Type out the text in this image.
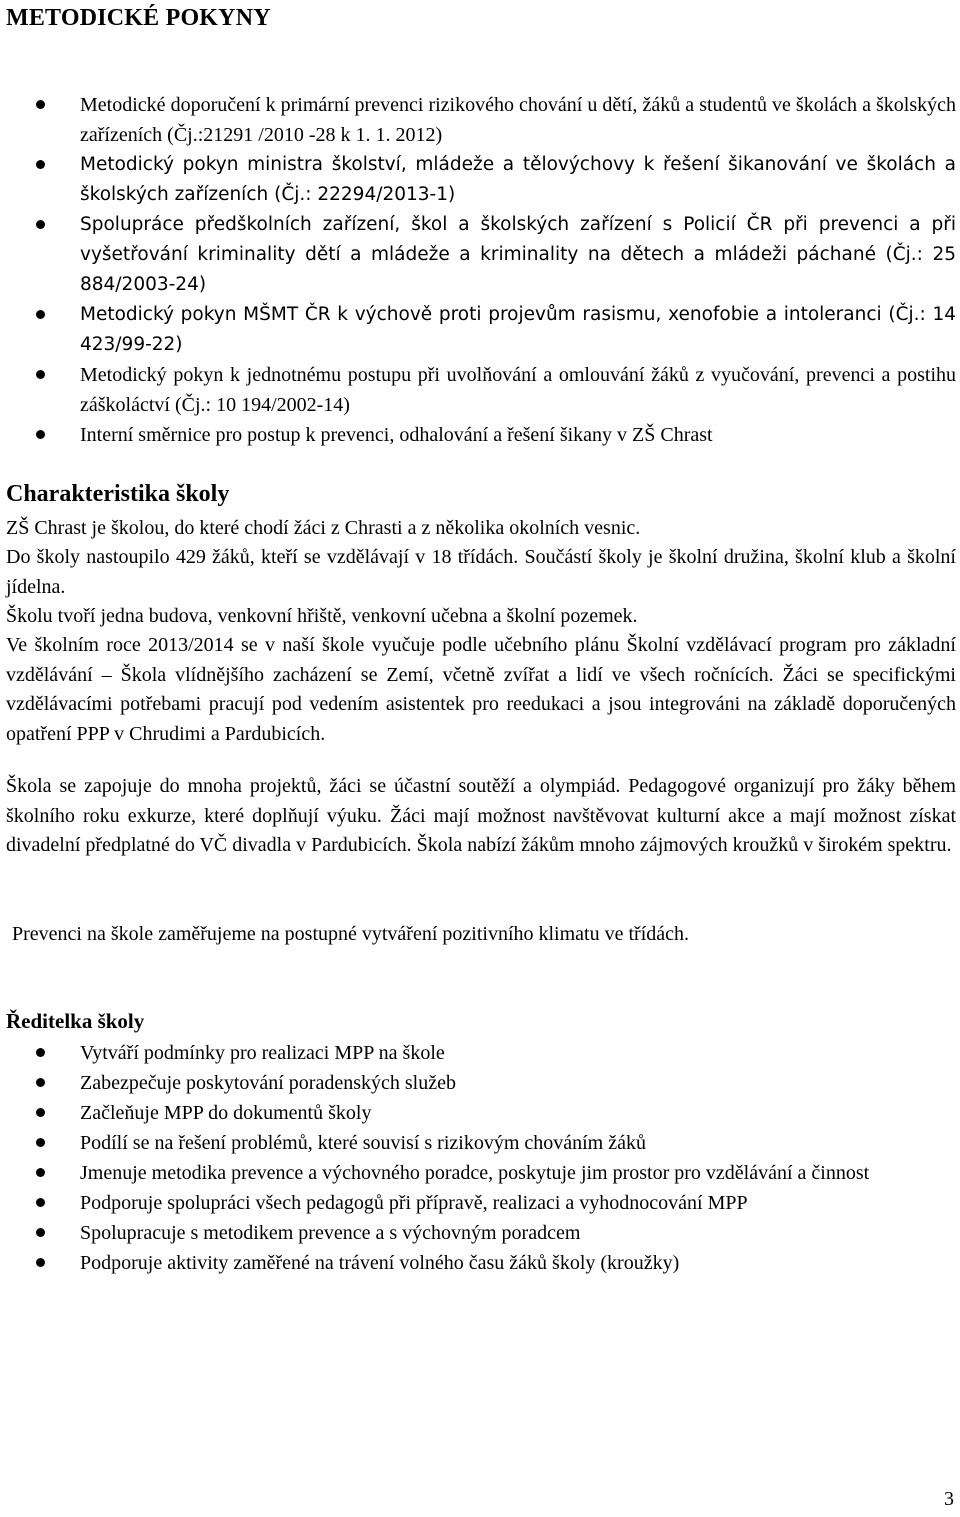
METODICKÉ POKYNY
Metodické doporučení k primární prevenci rizikového chování u dětí, žáků a studentů ve školách a školských zařízeních (Čj.:21291 /2010 -28 k 1. 1. 2012)
Metodický pokyn ministra školství, mládeže a tělovýchovy k řešení šikanování ve školách a školských zařízeních (Čj.: 22294/2013-1)
Spolupráce předškolních zařízení, škol a školských zařízení s Policií ČR při prevenci a při vyšetřování kriminality dětí a mládeže a kriminality na dětech a mládeži páchané (Čj.: 25 884/2003-24)
Metodický pokyn MŠMT ČR k výchově proti projevům rasismu, xenofobie a intoleranci (Čj.: 14 423/99-22)
Metodický pokyn k jednotnému postupu při uvolňování a omlouvání žáků z vyučování, prevenci a postihu záškoláctví (Čj.: 10 194/2002-14)
Interní směrnice pro postup k prevenci, odhalování a řešení šikany v ZŠ Chrast
Charakteristika školy

ZŠ Chrast je školou, do které chodí žáci z Chrasti a z několika okolních vesnic.

Do školy nastoupilo 429 žáků, kteří se vzdělávají v 18 třídách. Součástí školy je školní družina, školní klub a školní jídelna.

Školu tvoří jedna budova, venkovní hřiště, venkovní učebna a školní pozemek.

Ve školním roce 2013/2014 se v naší škole vyučuje podle učebního plánu Školní vzdělávací program pro základní vzdělávání – Škola vlídnějšího zacházení se Zemí, včetně zvířat a lidí ve všech ročnících. Žáci se specifickými vzdělávacími potřebami pracují pod vedením asistentek pro reedukaci a jsou integrováni na základě doporučených opatření PPP v Chrudimi a Pardubicích.

Škola se zapojuje do mnoha projektů, žáci se účastní soutěží a olympiád. Pedagogové organizují pro žáky během školního roku exkurze, které doplňují výuku. Žáci mají možnost navštěvovat kulturní akce a mají možnost získat divadelní předplatné do VČ divadla v Pardubicích. Škola nabízí žákům mnoho zájmových kroužků v širokém spektru.

Prevenci na škole zaměřujeme na postupné vytváření pozitivního klimatu ve třídách.

Ředitelka školy
Vytváří podmínky pro realizaci MPP na škole
Zabezpečuje poskytování poradenských služeb
Začleňuje MPP do dokumentů školy
Podílí se na řešení problémů, které souvisí s rizikovým chováním žáků
Jmenuje metodika prevence a výchovného poradce, poskytuje jim prostor pro vzdělávání a činnost
Podporuje spolupráci všech pedagogů při přípravě, realizaci a vyhodnocování MPP
Spolupracuje s metodikem prevence a s výchovným poradcem
Podporuje aktivity zaměřené na trávení volného času žáků školy (kroužky)
3
